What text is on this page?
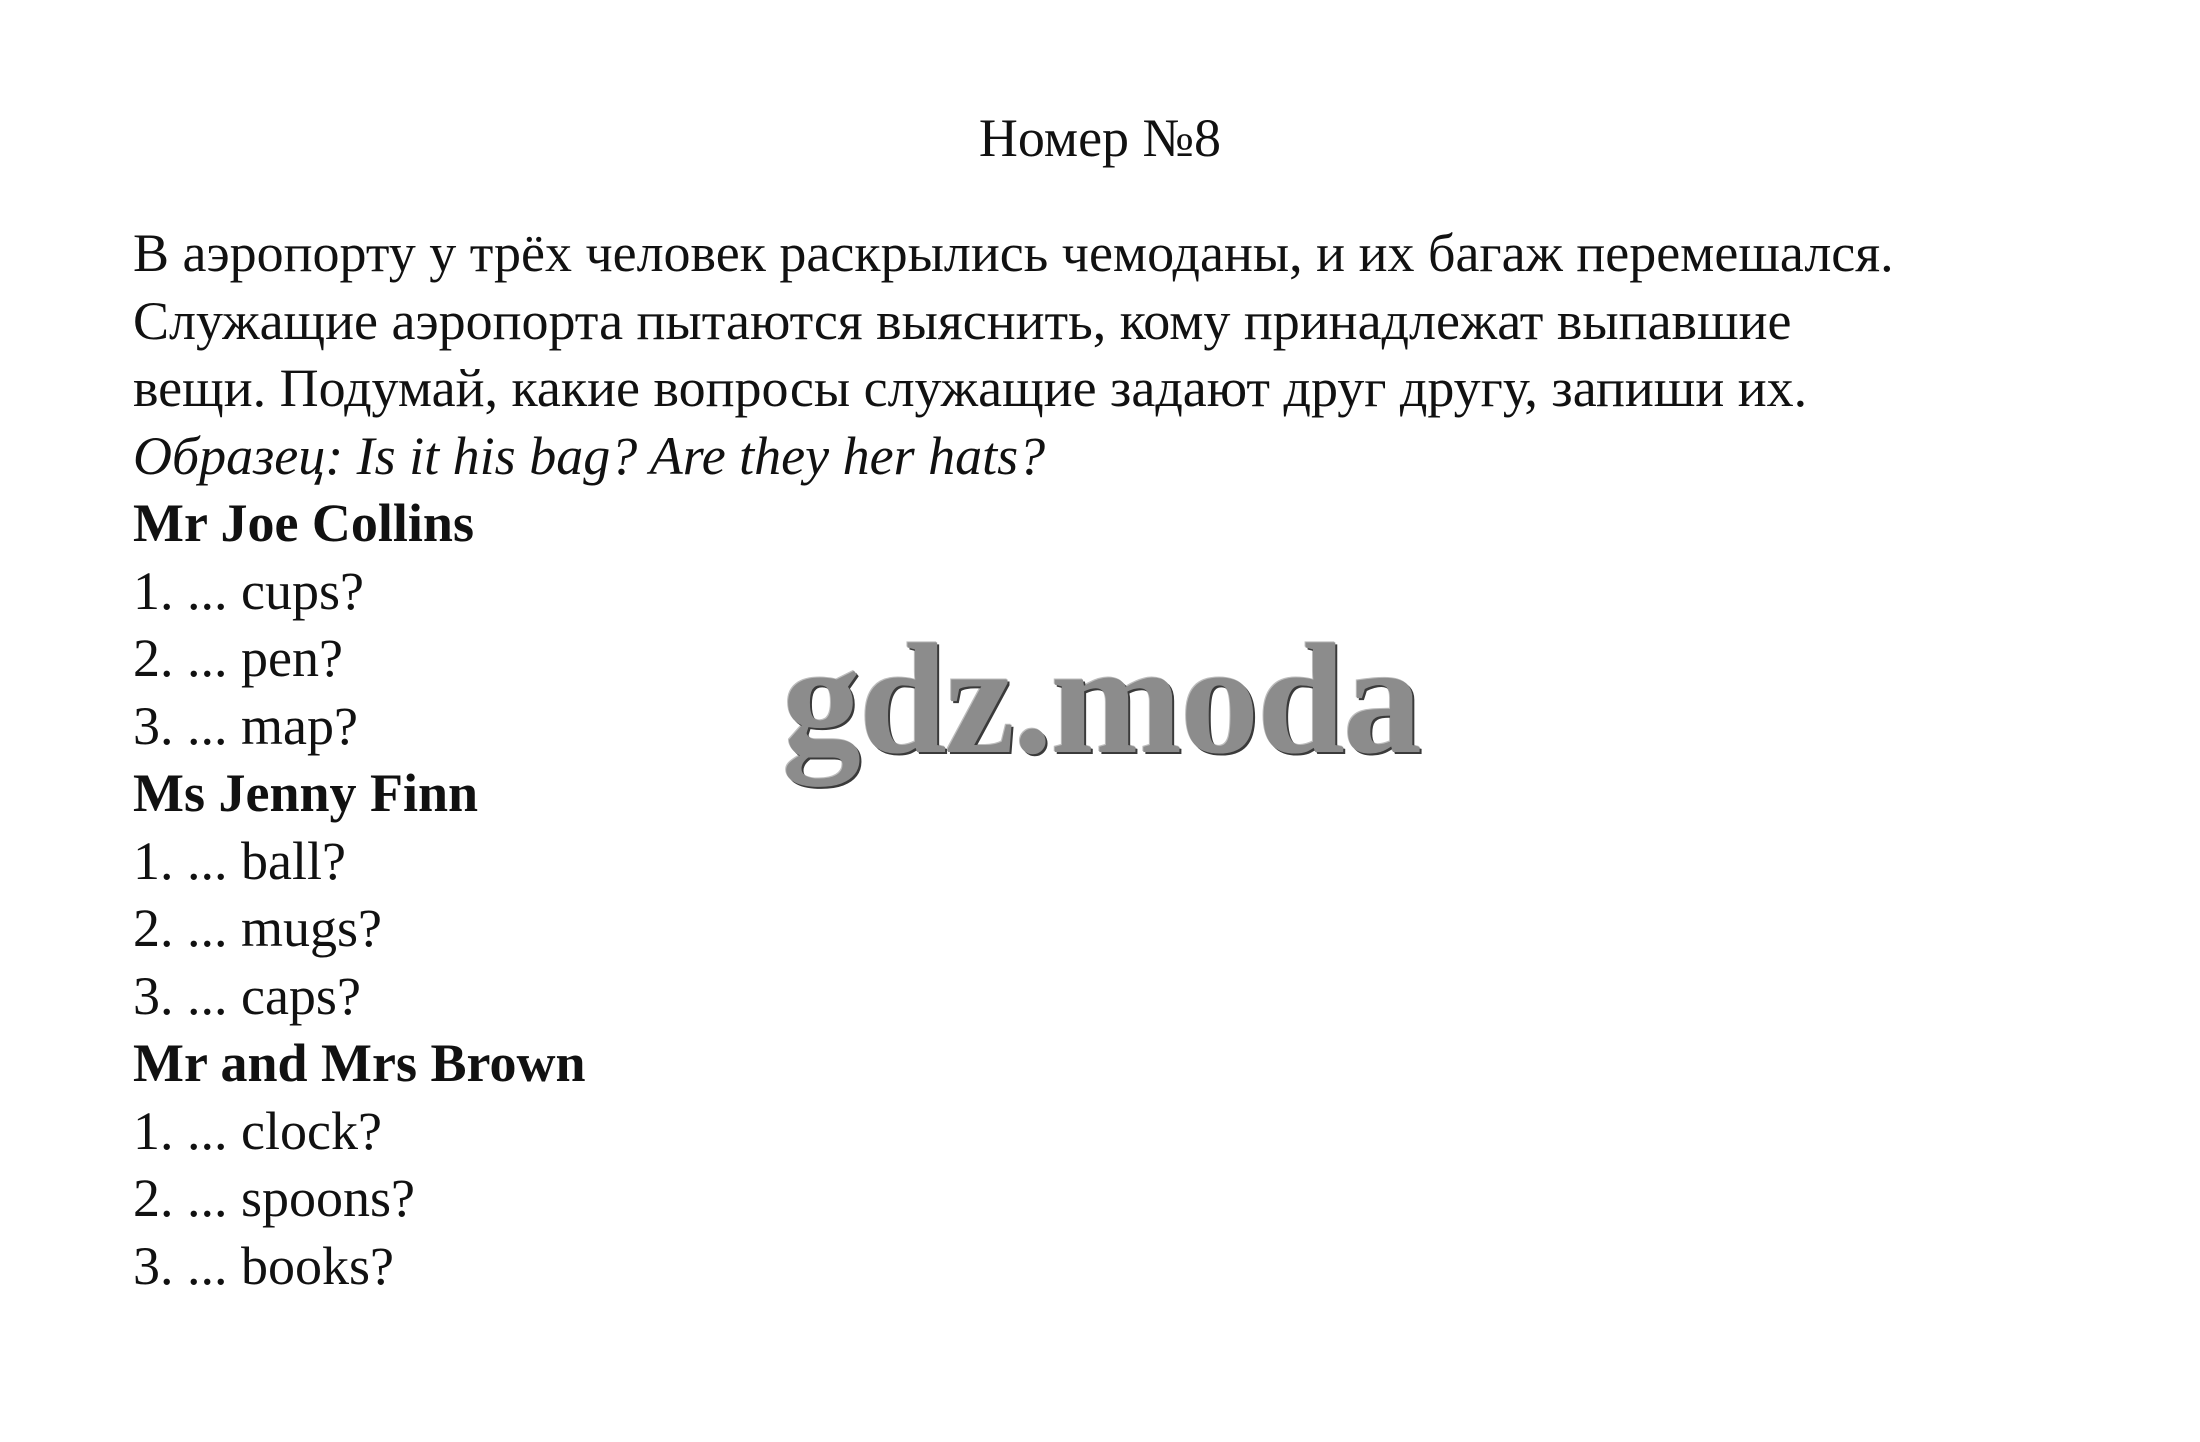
Номер №8
В аэропорту у трёх человек раскрылись чемоданы, и их багаж перемешался.
Служащие аэропорта пытаются выяснить, кому принадлежат выпавшие
вещи. Подумай, какие вопросы служащие задают друг другу, запиши их.
Образец: Is it his bag? Are they her hats?
Mr Joe Collins
1. ... cups?
2. ... pen?
3. ... map?
Ms Jenny Finn
1. ... ball?
2. ... mugs?
3. ... caps?
Mr and Mrs Brown
1. ... clock?
2. ... spoons?
3. ... books?
gdz.moda
